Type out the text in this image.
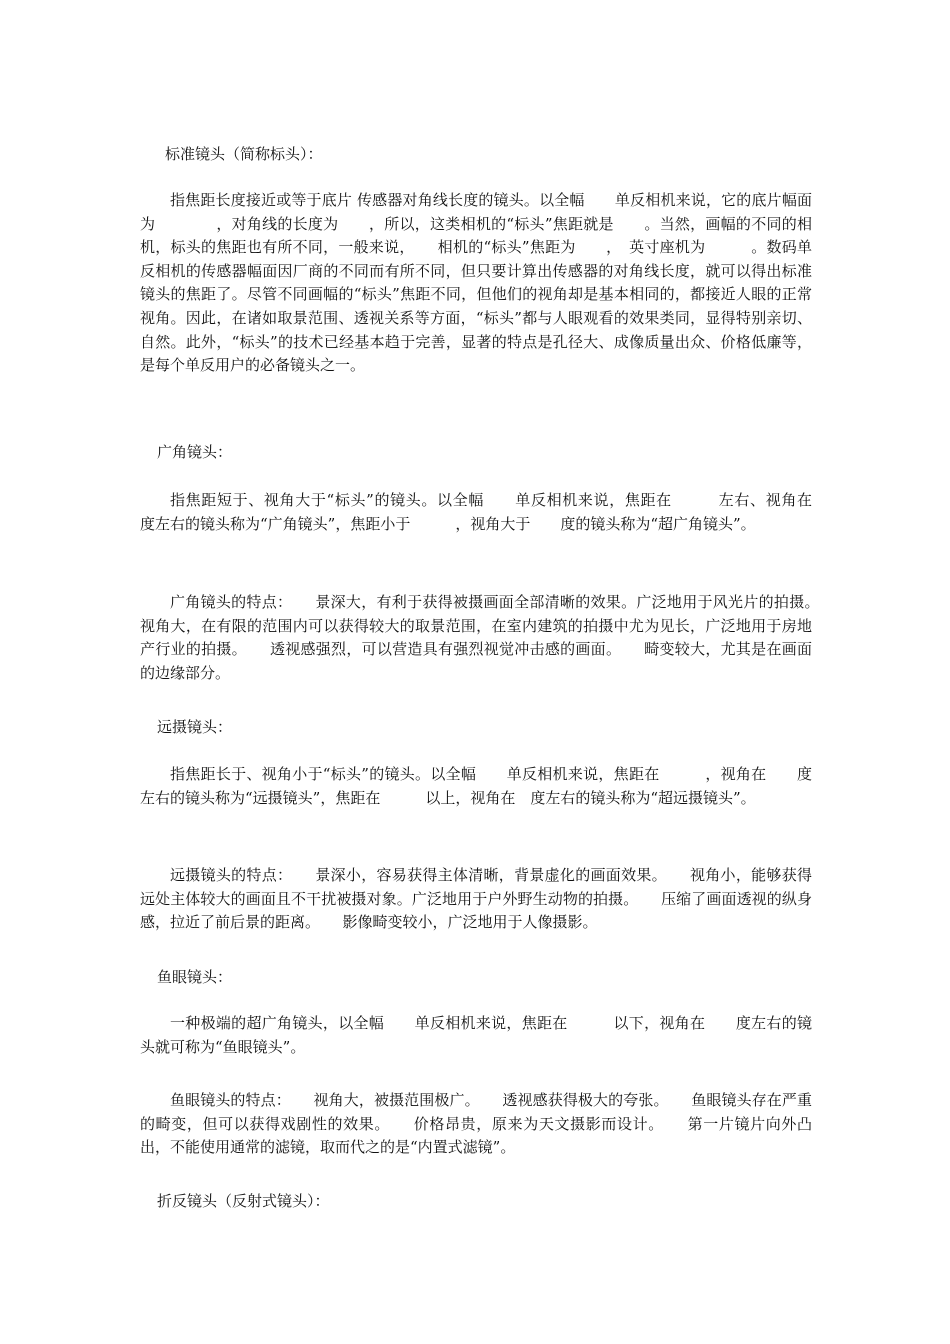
标准镜头（简称标头）：
指焦距长度接近或等于底片 传感器对角线长度的镜头。以全幅　　单反相机来说，它的底片幅面为　　　　，对角线的长度为　　，所以，这类相机的“标头”焦距就是　　。当然，画幅的不同的相机，标头的焦距也有所不同，一般来说，　　相机的“标头”焦距为　　，　英寸座机为　　　。数码单反相机的传感器幅面因厂商的不同而有所不同，但只要计算出传感器的对角线长度，就可以得出标准镜头的焦距了。尽管不同画幅的“标头”焦距不同，但他们的视角却是基本相同的，都接近人眼的正常视角。因此，在诸如取景范围、透视关系等方面，“标头”都与人眼观看的效果类同，显得特别亲切、自然。此外，“标头”的技术已经基本趋于完善，显著的特点是孔径大、成像质量出众、价格低廉等，是每个单反用户的必备镜头之一。
广角镜头：
指焦距短于、视角大于“标头”的镜头。以全幅　　单反相机来说，焦距在　　　左右、视角在　　度左右的镜头称为“广角镜头”，焦距小于　　　，视角大于　　度的镜头称为“超广角镜头”。
广角镜头的特点：　　景深大，有利于获得被摄画面全部清晰的效果。广泛地用于风光片的拍摄。　　视角大，在有限的范围内可以获得较大的取景范围，在室内建筑的拍摄中尤为见长，广泛地用于房地产行业的拍摄。　　透视感强烈，可以营造具有强烈视觉冲击感的画面。　　畸变较大，尤其是在画面的边缘部分。
远摄镜头：
指焦距长于、视角小于“标头”的镜头。以全幅　　单反相机来说，焦距在　　　，视角在　　度左右的镜头称为“远摄镜头”，焦距在　　　以上，视角在　度左右的镜头称为“超远摄镜头”。
远摄镜头的特点：　　景深小，容易获得主体清晰，背景虚化的画面效果。　　视角小，能够获得远处主体较大的画面且不干扰被摄对象。广泛地用于户外野生动物的拍摄。　　压缩了画面透视的纵身感，拉近了前后景的距离。　　影像畸变较小，广泛地用于人像摄影。
鱼眼镜头：
一种极端的超广角镜头，以全幅　　单反相机来说，焦距在　　　以下，视角在　　度左右的镜头就可称为“鱼眼镜头”。
鱼眼镜头的特点：　　视角大，被摄范围极广。　　透视感获得极大的夸张。　　鱼眼镜头存在严重的畸变，但可以获得戏剧性的效果。　　价格昂贵，原来为天文摄影而设计。　　第一片镜片向外凸出，不能使用通常的滤镜，取而代之的是“内置式滤镜”。
折反镜头（反射式镜头）：
